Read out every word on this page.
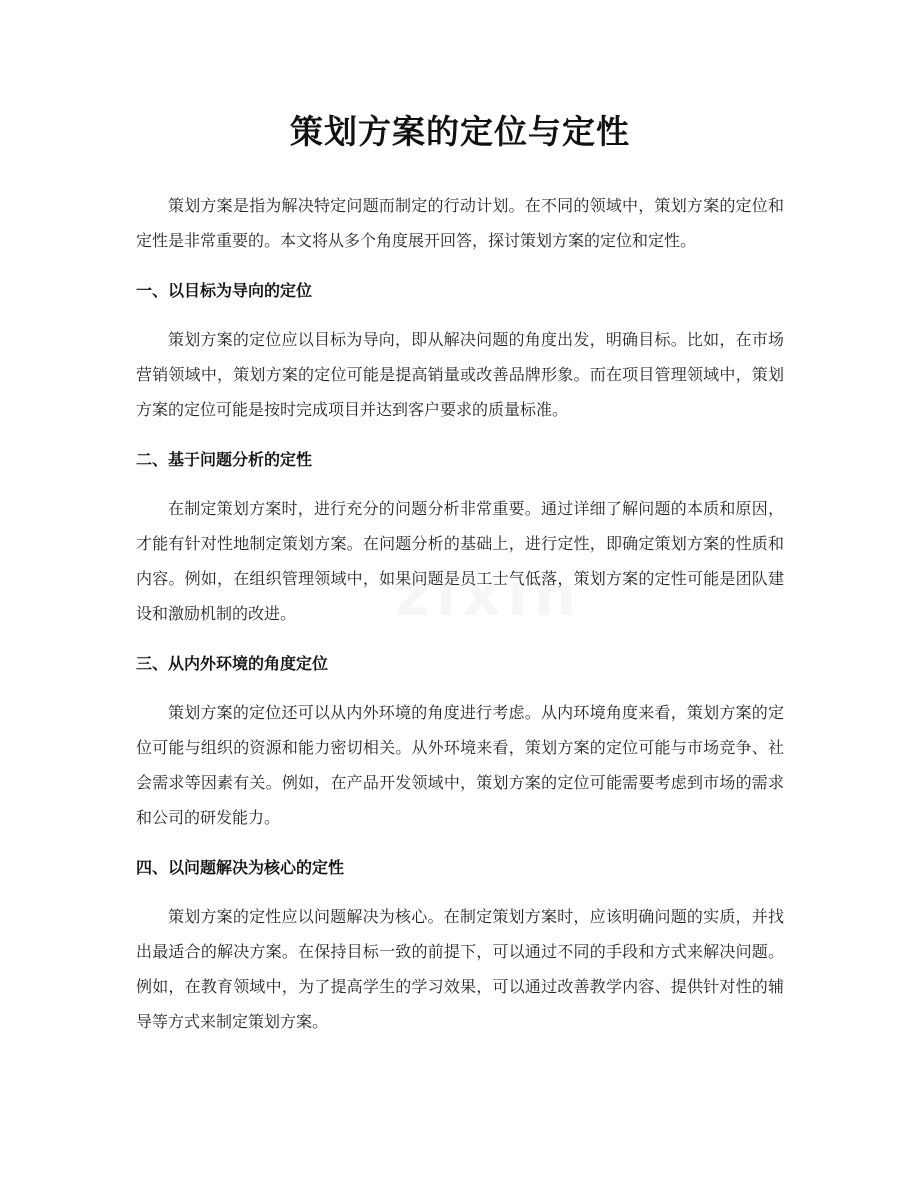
策划方案的定位与定性

策划方案是指为解决特定问题而制定的行动计划。在不同的领域中，策划方案的定位和定性是非常重要的。本文将从多个角度展开回答，探讨策划方案的定位和定性。

一、以目标为导向的定位

策划方案的定位应以目标为导向，即从解决问题的角度出发，明确目标。比如，在市场营销领域中，策划方案的定位可能是提高销量或改善品牌形象。而在项目管理领域中，策划方案的定位可能是按时完成项目并达到客户要求的质量标准。

二、基于问题分析的定性

在制定策划方案时，进行充分的问题分析非常重要。通过详细了解问题的本质和原因，才能有针对性地制定策划方案。在问题分析的基础上，进行定性，即确定策划方案的性质和内容。例如，在组织管理领域中，如果问题是员工士气低落，策划方案的定性可能是团队建设和激励机制的改进。

三、从内外环境的角度定位

策划方案的定位还可以从内外环境的角度进行考虑。从内环境角度来看，策划方案的定位可能与组织的资源和能力密切相关。从外环境来看，策划方案的定位可能与市场竞争、社会需求等因素有关。例如，在产品开发领域中，策划方案的定位可能需要考虑到市场的需求和公司的研发能力。

四、以问题解决为核心的定性

策划方案的定性应以问题解决为核心。在制定策划方案时，应该明确问题的实质，并找出最适合的解决方案。在保持目标一致的前提下，可以通过不同的手段和方式来解决问题。例如，在教育领域中，为了提高学生的学习效果，可以通过改善教学内容、提供针对性的辅导等方式来制定策划方案。
